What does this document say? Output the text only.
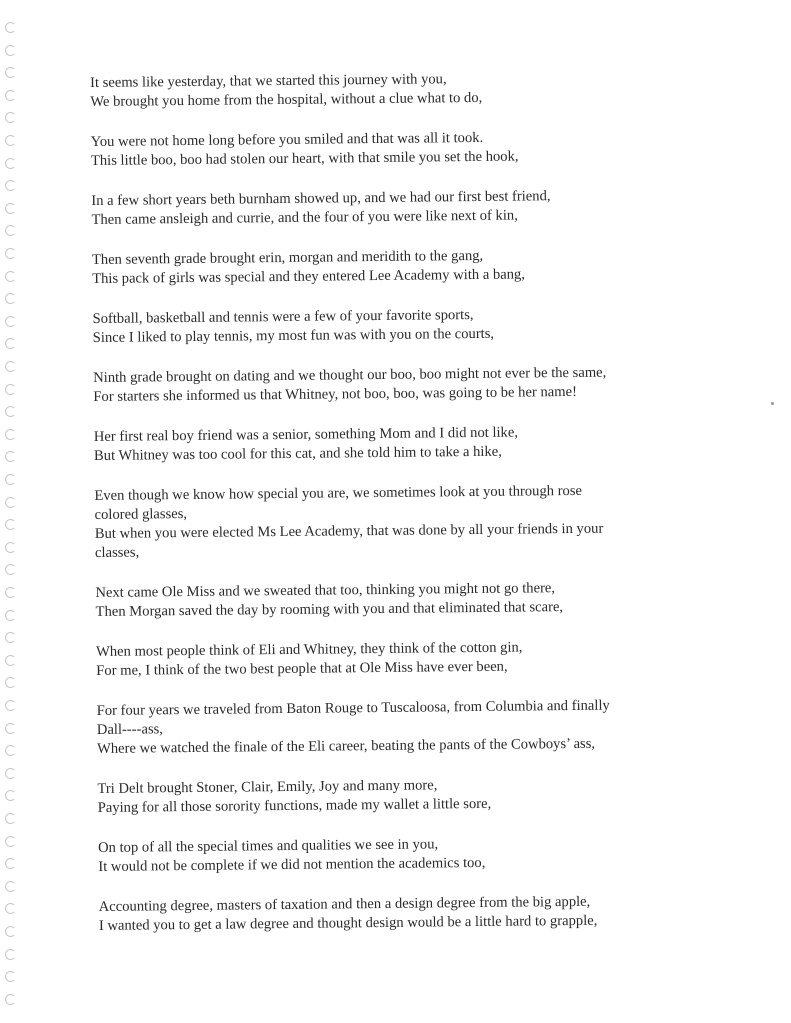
It seems like yesterday, that we started this journey with you,
We brought you home from the hospital, without a clue what to do,

You were not home long before you smiled and that was all it took.
This little boo, boo had stolen our heart, with that smile you set the hook,

In a few short years beth burnham showed up, and we had our first best friend,
Then came ansleigh and currie, and the four of you were like next of kin,

Then seventh grade brought erin, morgan and meridith to the gang,
This pack of girls was special and they entered Lee Academy with a bang,

Softball, basketball and tennis were a few of your favorite sports,
Since I liked to play tennis, my most fun was with you on the courts,

Ninth grade brought on dating and we thought our boo, boo might not ever be the same,
For starters she informed us that Whitney, not boo, boo, was going to be her name!

Her first real boy friend was a senior, something Mom and I did not like,
But Whitney was too cool for this cat, and she told him to take a hike,

Even though we know how special you are, we sometimes look at you through rose
colored glasses,
But when you were elected Ms Lee Academy, that was done by all your friends in your
classes,

Next came Ole Miss and we sweated that too, thinking you might not go there,
Then Morgan saved the day by rooming with you and that eliminated that scare,

When most people think of Eli and Whitney, they think of the cotton gin,
For me, I think of the two best people that at Ole Miss have ever been,

For four years we traveled from Baton Rouge to Tuscaloosa, from Columbia and finally
Dall----ass,
Where we watched the finale of the Eli career, beating the pants of the Cowboys’ ass,

Tri Delt brought Stoner, Clair, Emily, Joy and many more,
Paying for all those sorority functions, made my wallet a little sore,

On top of all the special times and qualities we see in you,
It would not be complete if we did not mention the academics too,

Accounting degree, masters of taxation and then a design degree from the big apple,
I wanted you to get a law degree and thought design would be a little hard to grapple,
